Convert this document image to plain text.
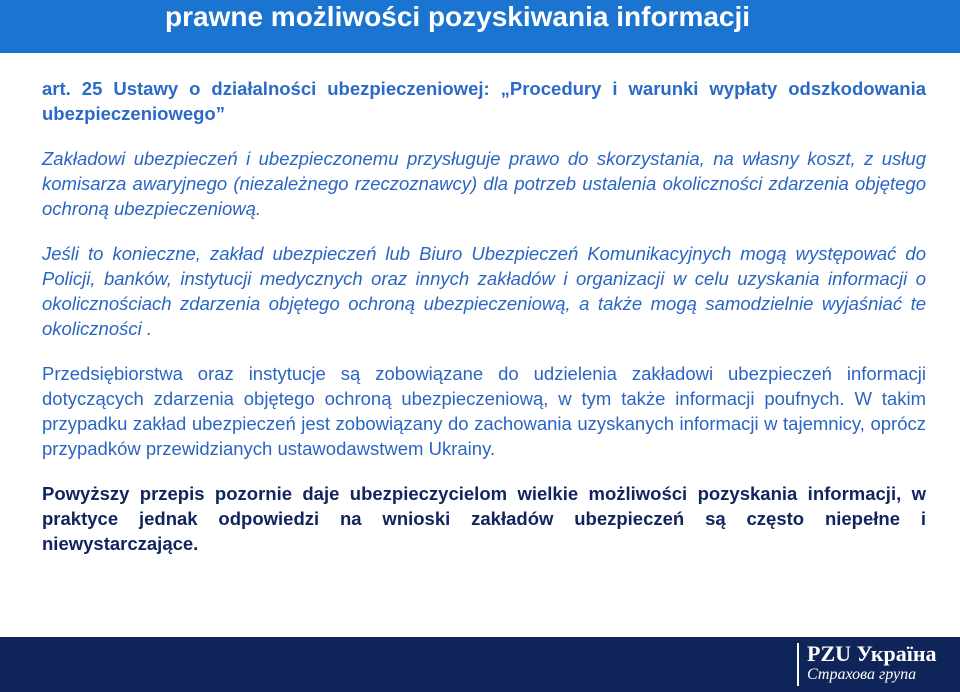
prawne możliwości pozyskiwania informacji

art. 25 Ustawy o działalności ubezpieczeniowej: „Procedury i warunki wypłaty odszkodowania ubezpieczeniowego”

Zakładowi ubezpieczeń i ubezpieczonemu przysługuje prawo do skorzystania, na własny koszt, z usług komisarza awaryjnego (niezależnego rzeczoznawcy) dla potrzeb ustalenia okoliczności zdarzenia objętego ochroną ubezpieczeniową.

Jeśli to konieczne, zakład ubezpieczeń lub Biuro Ubezpieczeń Komunikacyjnych mogą występować do Policji, banków, instytucji medycznych oraz innych zakładów i organizacji w celu uzyskania informacji o okolicznościach zdarzenia objętego ochroną ubezpieczeniową, a także mogą samodzielnie wyjaśniać te okoliczności .

Przedsiębiorstwa oraz instytucje są zobowiązane do udzielenia zakładowi ubezpieczeń informacji dotyczących zdarzenia objętego ochroną ubezpieczeniową, w tym także informacji poufnych. W takim przypadku zakład ubezpieczeń jest zobowiązany do zachowania uzyskanych informacji w tajemnicy, oprócz przypadków przewidzianych ustawodawstwem Ukrainy.

Powyższy przepis pozornie daje ubezpieczycielom wielkie możliwości pozyskania informacji, w praktyce jednak odpowiedzi na wnioski zakładów ubezpieczeń są często niepełne i niewystarczające.

PZU Україна
Страхова група
